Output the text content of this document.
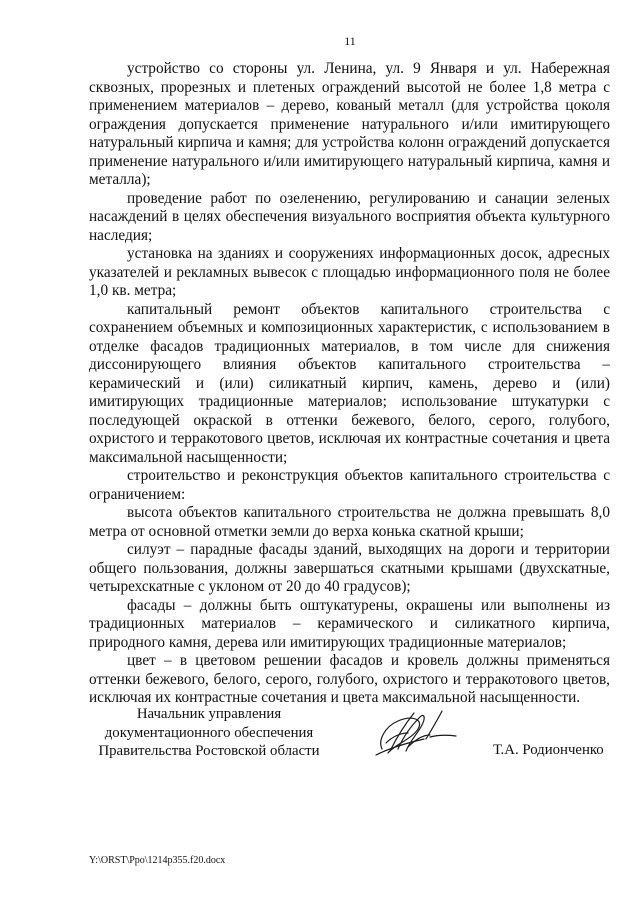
11

устройство со стороны ул. Ленина, ул. 9 Января и ул. Набережная сквозных, прорезных и плетеных ограждений высотой не более 1,8 метра с применением материалов – дерево, кованый металл (для устройства цоколя ограждения допускается применение натурального и/или имитирующего натуральный кирпича и камня; для устройства колонн ограждений допускается применение натурального и/или имитирующего натуральный кирпича, камня и металла);

проведение работ по озеленению, регулированию и санации зеленых насаждений в целях обеспечения визуального восприятия объекта культурного наследия;

установка на зданиях и сооружениях информационных досок, адресных указателей и рекламных вывесок с площадью информационного поля не более 1,0 кв. метра;

капитальный ремонт объектов капитального строительства с сохранением объемных и композиционных характеристик, с использованием в отделке фасадов традиционных материалов, в том числе для снижения диссонирующего влияния объектов капитального строительства – керамический и (или) силикатный кирпич, камень, дерево и (или) имитирующих традиционные материалов; использование штукатурки с последующей окраской в оттенки бежевого, белого, серого, голубого, охристого и терракотового цветов, исключая их контрастные сочетания и цвета максимальной насыщенности;

строительство и реконструкция объектов капитального строительства с ограничением:

высота объектов капитального строительства не должна превышать 8,0 метра от основной отметки земли до верха конька скатной крыши;

силуэт – парадные фасады зданий, выходящих на дороги и территории общего пользования, должны завершаться скатными крышами (двухскатные, четырехскатные с уклоном от 20 до 40 градусов);

фасады – должны быть оштукатурены, окрашены или выполнены из традиционных материалов – керамического и силикатного кирпича, природного камня, дерева или имитирующих традиционные материалов;

цвет – в цветовом решении фасадов и кровель должны применяться оттенки бежевого, белого, серого, голубого, охристого и терракотового цветов, исключая их контрастные сочетания и цвета максимальной насыщенности.

Начальник управления
документационного обеспечения
Правительства Ростовской области	Т.А. Родионченко
Y:\ORST\Ppo\1214p355.f20.docx
